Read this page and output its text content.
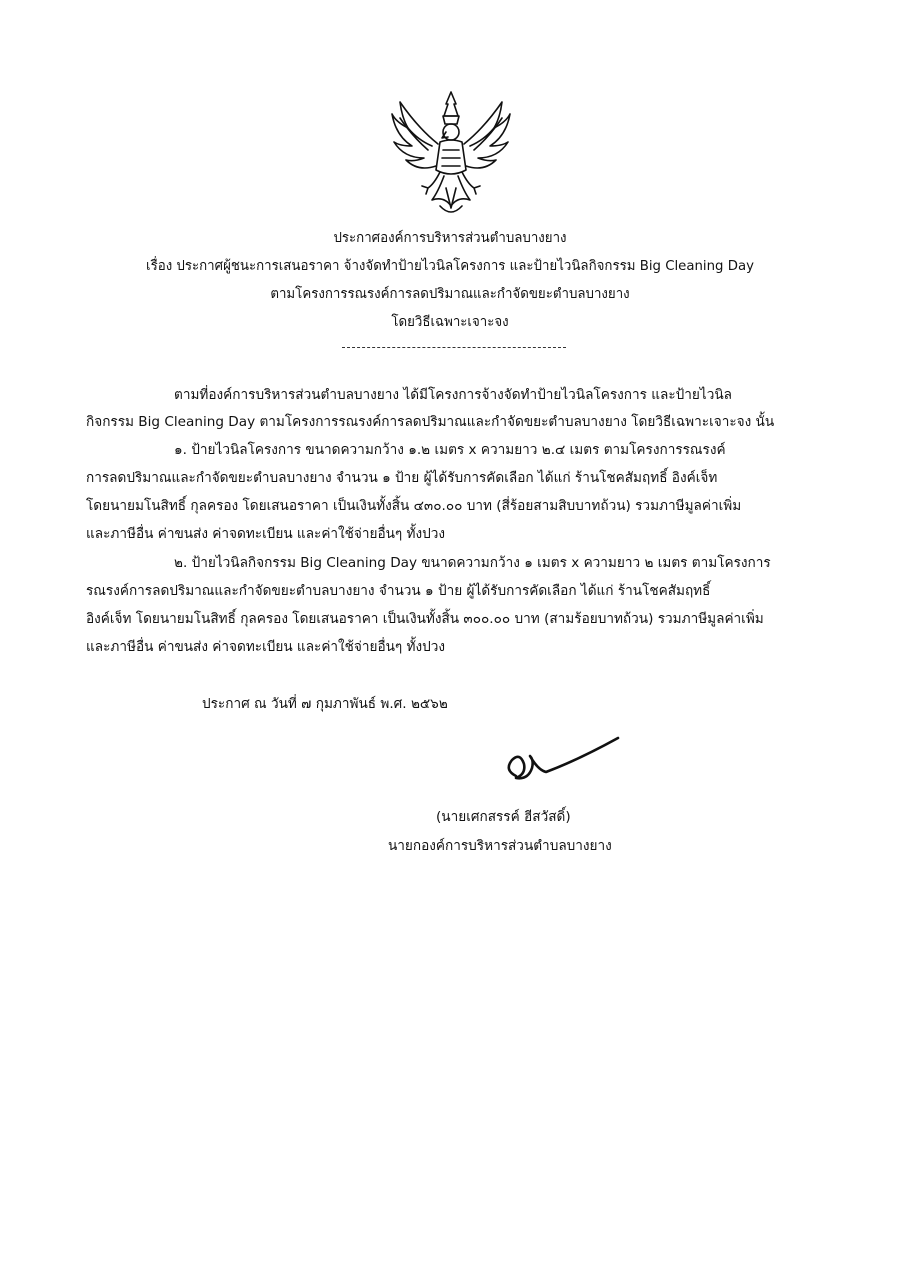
ประกาศองค์การบริหารส่วนตำบลบางยาง
เรื่อง ประกาศผู้ชนะการเสนอราคา จ้างจัดทำป้ายไวนิลโครงการ และป้ายไวนิลกิจกรรม Big Cleaning Day
ตามโครงการรณรงค์การลดปริมาณและกำจัดขยะตำบลบางยาง
โดยวิธีเฉพาะเจาะจง
ตามที่องค์การบริหารส่วนตำบลบางยาง ได้มีโครงการจ้างจัดทำป้ายไวนิลโครงการ และป้ายไวนิล
กิจกรรม Big Cleaning Day ตามโครงการรณรงค์การลดปริมาณและกำจัดขยะตำบลบางยาง โดยวิธีเฉพาะเจาะจง นั้น
๑. ป้ายไวนิลโครงการ ขนาดความกว้าง ๑.๒ เมตร x ความยาว ๒.๔ เมตร ตามโครงการรณรงค์
การลดปริมาณและกำจัดขยะตำบลบางยาง จำนวน ๑ ป้าย ผู้ได้รับการคัดเลือก ได้แก่ ร้านโชคสัมฤทธิ์ อิงค์เจ็ท
โดยนายมโนสิทธิ์ กุลครอง โดยเสนอราคา เป็นเงินทั้งสิ้น ๔๓๐.๐๐ บาท (สี่ร้อยสามสิบบาทถ้วน) รวมภาษีมูลค่าเพิ่ม
และภาษีอื่น ค่าขนส่ง ค่าจดทะเบียน และค่าใช้จ่ายอื่นๆ ทั้งปวง
๒. ป้ายไวนิลกิจกรรม Big Cleaning Day ขนาดความกว้าง ๑ เมตร x ความยาว ๒ เมตร ตามโครงการ
รณรงค์การลดปริมาณและกำจัดขยะตำบลบางยาง จำนวน ๑ ป้าย ผู้ได้รับการคัดเลือก ได้แก่ ร้านโชคสัมฤทธิ์
อิงค์เจ็ท โดยนายมโนสิทธิ์ กุลครอง โดยเสนอราคา เป็นเงินทั้งสิ้น ๓๐๐.๐๐ บาท (สามร้อยบาทถ้วน) รวมภาษีมูลค่าเพิ่ม
และภาษีอื่น ค่าขนส่ง ค่าจดทะเบียน และค่าใช้จ่ายอื่นๆ ทั้งปวง
ประกาศ ณ วันที่ ๗ กุมภาพันธ์ พ.ศ. ๒๕๖๒
(นายเศกสรรค์ ฮีสวัสดิ์)
นายกองค์การบริหารส่วนตำบลบางยาง
